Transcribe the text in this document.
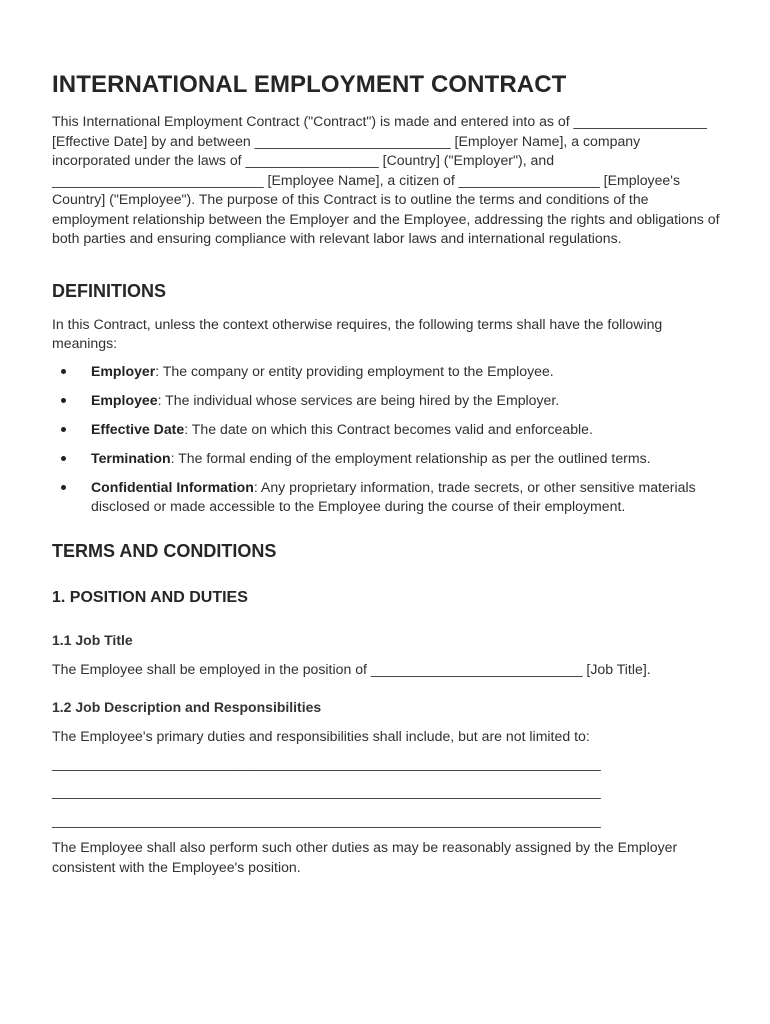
INTERNATIONAL EMPLOYMENT CONTRACT

This International Employment Contract ("Contract") is made and entered into as of _________________ [Effective Date] by and between _________________________ [Employer Name], a company incorporated under the laws of _________________ [Country] ("Employer"), and ___________________________ [Employee Name], a citizen of __________________ [Employee's Country] ("Employee"). The purpose of this Contract is to outline the terms and conditions of the employment relationship between the Employer and the Employee, addressing the rights and obligations of both parties and ensuring compliance with relevant labor laws and international regulations.

DEFINITIONS

In this Contract, unless the context otherwise requires, the following terms shall have the following meanings:

Employer: The company or entity providing employment to the Employee.
Employee: The individual whose services are being hired by the Employer.
Effective Date: The date on which this Contract becomes valid and enforceable.
Termination: The formal ending of the employment relationship as per the outlined terms.
Confidential Information: Any proprietary information, trade secrets, or other sensitive materials disclosed or made accessible to the Employee during the course of their employment.
TERMS AND CONDITIONS
1. POSITION AND DUTIES
1.1 Job Title

The Employee shall be employed in the position of ___________________________ [Job Title].

1.2 Job Description and Responsibilities

The Employee's primary duties and responsibilities shall include, but are not limited to:

______________________________________________________________________

______________________________________________________________________

______________________________________________________________________

The Employee shall also perform such other duties as may be reasonably assigned by the Employer consistent with the Employee's position.
